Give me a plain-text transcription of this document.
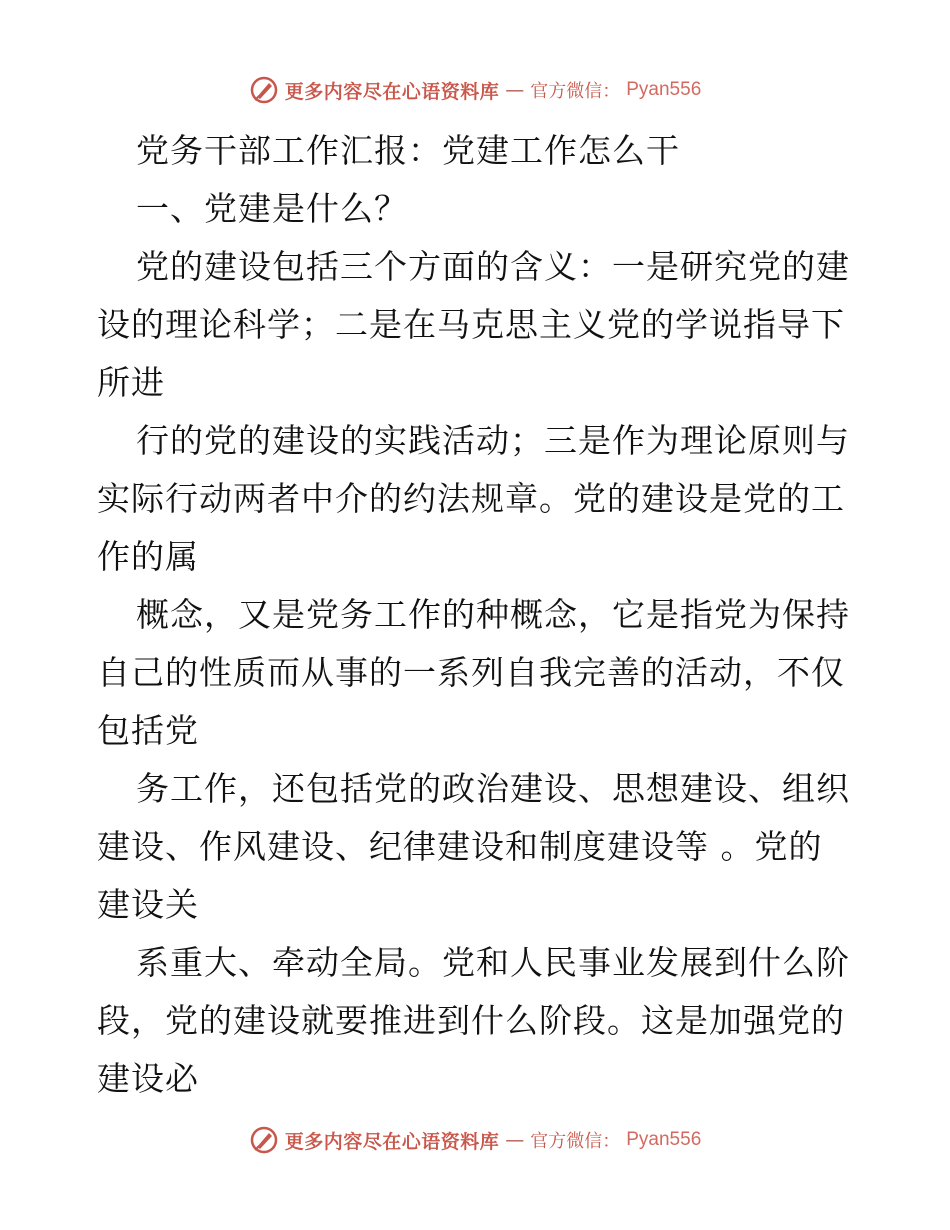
更多内容尽在心语资料库 — 官方微信： Pyan556
党务干部工作汇报：党建工作怎么干
一、党建是什么？
党的建设包括三个方面的含义：一是研究党的建
设的理论科学；二是在马克思主义党的学说指导下
所进
行的党的建设的实践活动；三是作为理论原则与
实际行动两者中介的约法规章。党的建设是党的工
作的属
概念，又是党务工作的种概念，它是指党为保持
自己的性质而从事的一系列自我完善的活动，不仅
包括党
务工作，还包括党的政治建设、思想建设、组织
建设、作风建设、纪律建设和制度建设等 。党的
建设关
系重大、牵动全局。党和人民事业发展到什么阶
段，党的建设就要推进到什么阶段。这是加强党的
建设必
更多内容尽在心语资料库 — 官方微信： Pyan556
